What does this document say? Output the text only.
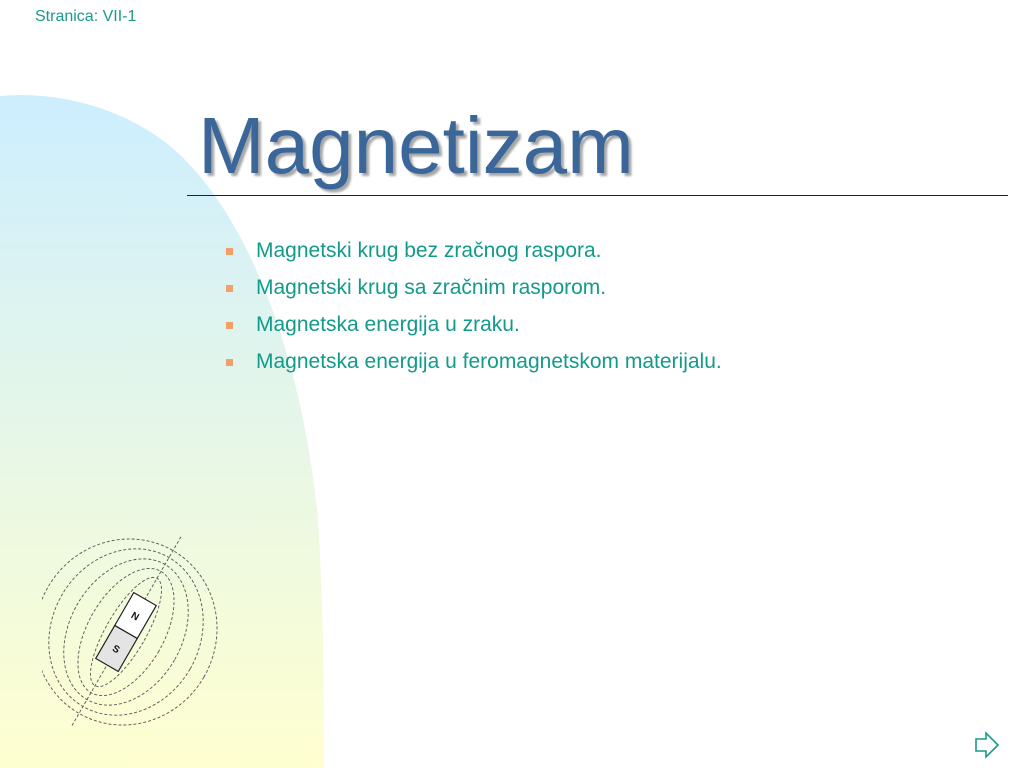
Stranica: VII-1
Magnetizam
Magnetski krug bez zračnog raspora.
Magnetski krug sa zračnim rasporom.
Magnetska energija u zraku.
Magnetska energija u feromagnetskom materijalu.
N
S
